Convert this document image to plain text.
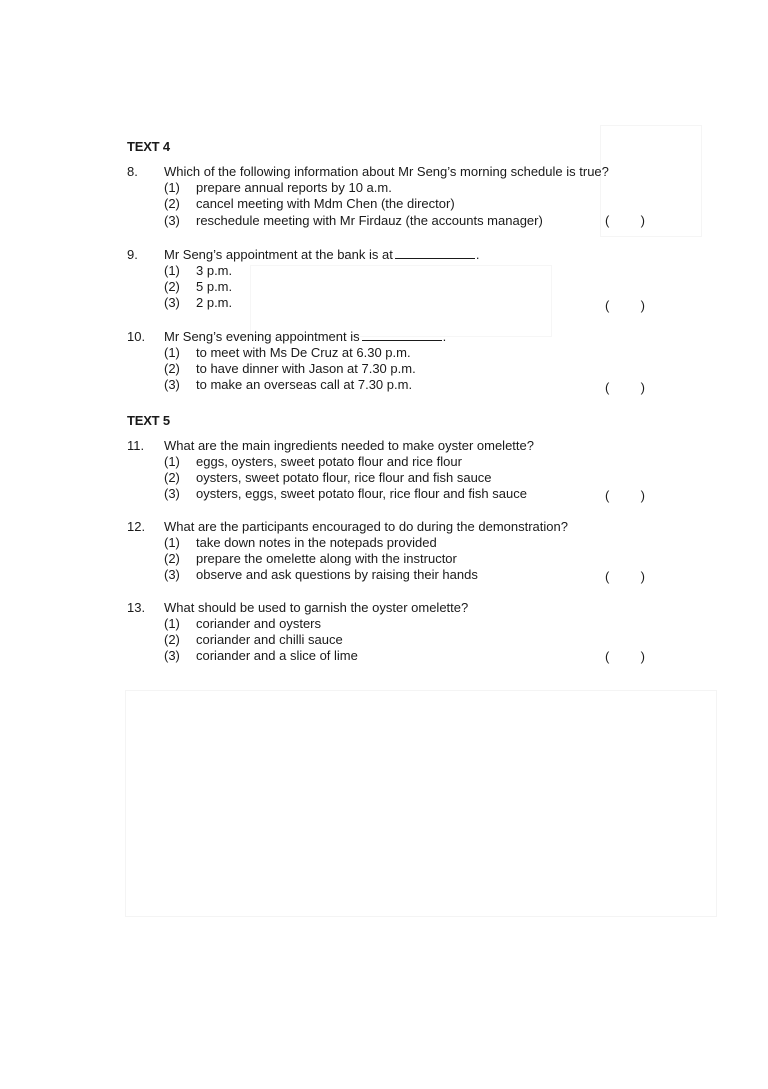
TEXT 4
8.	Which of the following information about Mr Seng’s morning schedule is true?
(1) prepare annual reports by 10 a.m.
(2) cancel meeting with Mdm Chen (the director)
(3) reschedule meeting with Mr Firdauz (the accounts manager)	( )
9.	Mr Seng’s appointment at the bank is at	.
(1) 3 p.m.
(2) 5 p.m.
(3) 2 p.m.	( )
10.	Mr Seng’s evening appointment is	.
(1) to meet with Ms De Cruz at 6.30 p.m.
(2) to have dinner with Jason at 7.30 p.m.
(3) to make an overseas call at 7.30 p.m.	( )
TEXT 5
11.	What are the main ingredients needed to make oyster omelette?
(1) eggs, oysters, sweet potato flour and rice flour
(2) oysters, sweet potato flour, rice flour and fish sauce
(3) oysters, eggs, sweet potato flour, rice flour and fish sauce	( )
12.	What are the participants encouraged to do during the demonstration?
(1) take down notes in the notepads provided
(2) prepare the omelette along with the instructor
(3) observe and ask questions by raising their hands	( )
13.	What should be used to garnish the oyster omelette?
(1) coriander and oysters
(2) coriander and chilli sauce
(3) coriander and a slice of lime	( )
